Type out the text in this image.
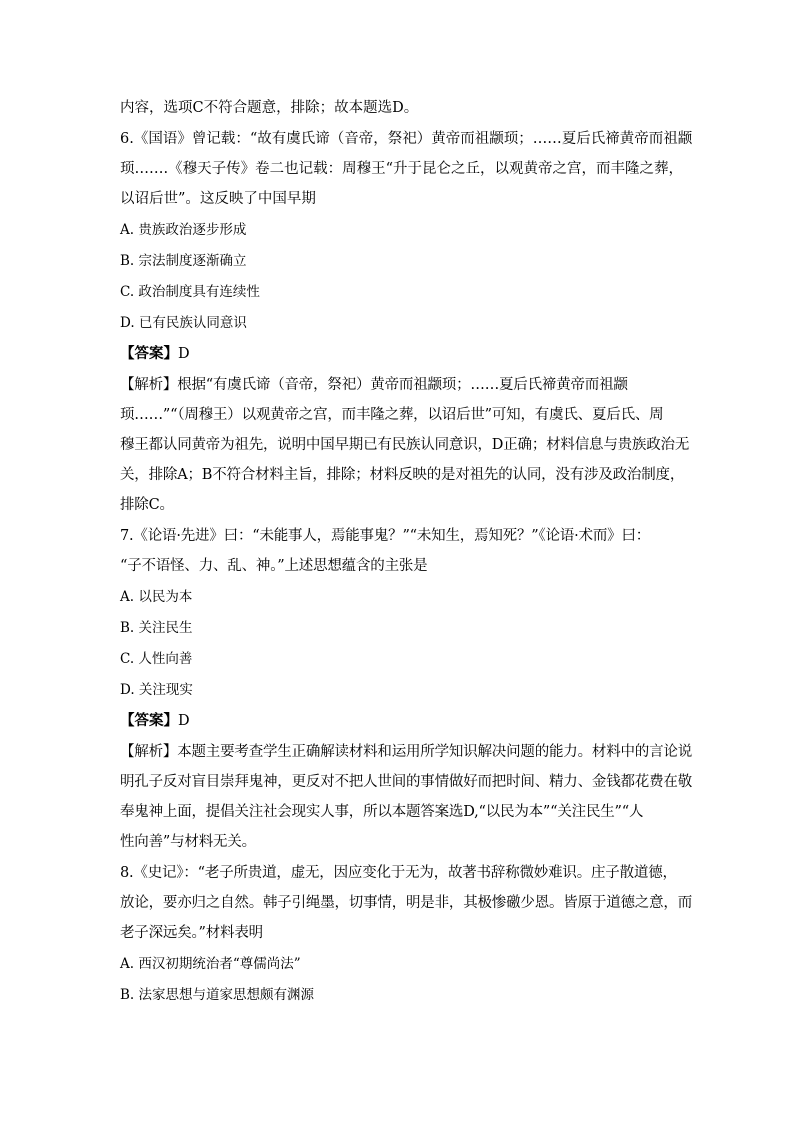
内容，选项C不符合题意，排除；故本题选D。
6.《国语》曾记载：“故有虞氏谛（音帝，祭祀）黄帝而祖颛顼；……夏后氏禘黄帝而祖颛
顼…….《穆天子传》卷二也记载：周穆王“升于昆仑之丘，以观黄帝之宫，而丰隆之葬，
以诏后世”。这反映了中国早期
A. 贵族政治逐步形成
B. 宗法制度逐渐确立
C. 政治制度具有连续性
D. 已有民族认同意识
【答案】D
【解析】根据“有虞氏谛（音帝，祭祀）黄帝而祖颛顼；……夏后氏禘黄帝而祖颛
顼……”“（周穆王）以观黄帝之宫，而丰隆之葬，以诏后世”可知，有虞氏、夏后氏、周
穆王都认同黄帝为祖先，说明中国早期已有民族认同意识，D正确；材料信息与贵族政治无
关，排除A；B不符合材料主旨，排除；材料反映的是对祖先的认同，没有涉及政治制度，
排除C。
7.《论语·先进》曰：“未能事人，焉能事鬼？”“未知生，焉知死？”《论语·术而》曰：
“子不语怪、力、乱、神。”上述思想蕴含的主张是
A. 以民为本
B. 关注民生
C. 人性向善
D. 关注现实
【答案】D
【解析】本题主要考查学生正确解读材料和运用所学知识解决问题的能力。材料中的言论说
明孔子反对盲目崇拜鬼神，更反对不把人世间的事情做好而把时间、精力、金钱都花费在敬
奉鬼神上面，提倡关注社会现实人事，所以本题答案选D,“以民为本”“关注民生”“人
性向善”与材料无关。
8.《史记》：“老子所贵道，虚无，因应变化于无为，故著书辞称微妙难识。庄子散道德，
放论，要亦归之自然。韩子引绳墨，切事情，明是非，其极惨礉少恩。皆原于道德之意，而
老子深远矣。”材料表明
A. 西汉初期统治者“尊儒尚法”
B. 法家思想与道家思想颇有渊源
